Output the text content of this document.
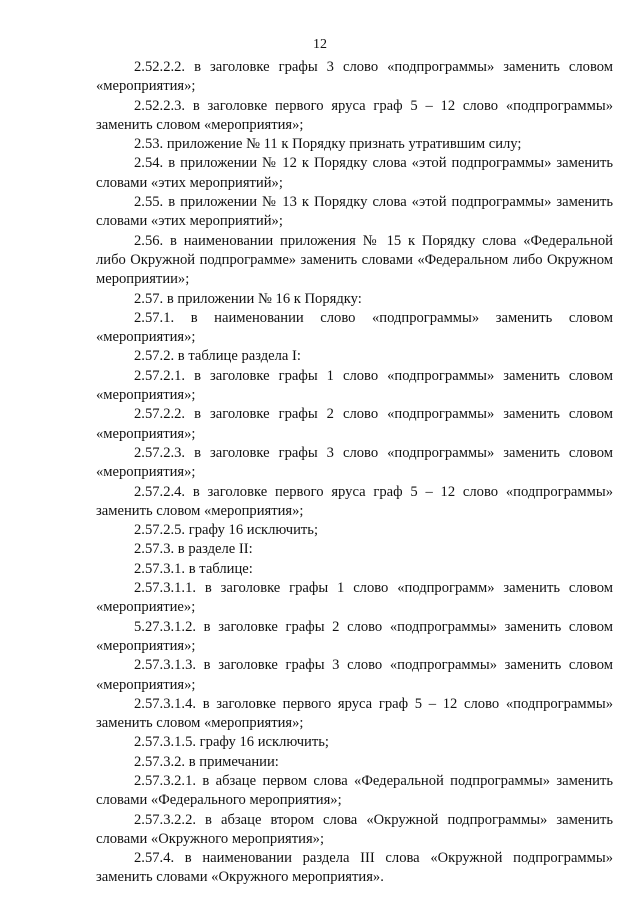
12

2.52.2.2. в заголовке графы 3 слово «подпрограммы» заменить словом «мероприятия»;

2.52.2.3. в заголовке первого яруса граф 5 – 12 слово «подпрограммы» заменить словом «мероприятия»;

2.53. приложение № 11 к Порядку признать утратившим силу;

2.54. в приложении № 12 к Порядку слова «этой подпрограммы» заменить словами «этих мероприятий»;

2.55. в приложении № 13 к Порядку слова «этой подпрограммы» заменить словами «этих мероприятий»;

2.56. в наименовании приложения № 15 к Порядку слова «Федеральной либо Окружной подпрограмме» заменить словами «Федеральном либо Окружном мероприятии»;

2.57. в приложении № 16 к Порядку:

2.57.1. в наименовании слово «подпрограммы» заменить словом «мероприятия»;

2.57.2. в таблице раздела I:

2.57.2.1. в заголовке графы 1 слово «подпрограммы» заменить словом «мероприятия»;

2.57.2.2. в заголовке графы 2 слово «подпрограммы» заменить словом «мероприятия»;

2.57.2.3. в заголовке графы 3 слово «подпрограммы» заменить словом «мероприятия»;

2.57.2.4. в заголовке первого яруса граф 5 – 12 слово «подпрограммы» заменить словом «мероприятия»;

2.57.2.5. графу 16 исключить;

2.57.3. в разделе II:

2.57.3.1. в таблице:

2.57.3.1.1. в заголовке графы 1 слово «подпрограмм» заменить словом «мероприятие»;

5.27.3.1.2. в заголовке графы 2 слово «подпрограммы» заменить словом «мероприятия»;

2.57.3.1.3. в заголовке графы 3 слово «подпрограммы» заменить словом «мероприятия»;

2.57.3.1.4. в заголовке первого яруса граф 5 – 12 слово «подпрограммы» заменить словом «мероприятия»;

2.57.3.1.5. графу 16 исключить;

2.57.3.2. в примечании:

2.57.3.2.1. в абзаце первом слова «Федеральной подпрограммы» заменить словами «Федерального мероприятия»;

2.57.3.2.2. в абзаце втором слова «Окружной подпрограммы» заменить словами «Окружного мероприятия»;

2.57.4. в наименовании раздела III слова «Окружной подпрограммы» заменить словами «Окружного мероприятия».
